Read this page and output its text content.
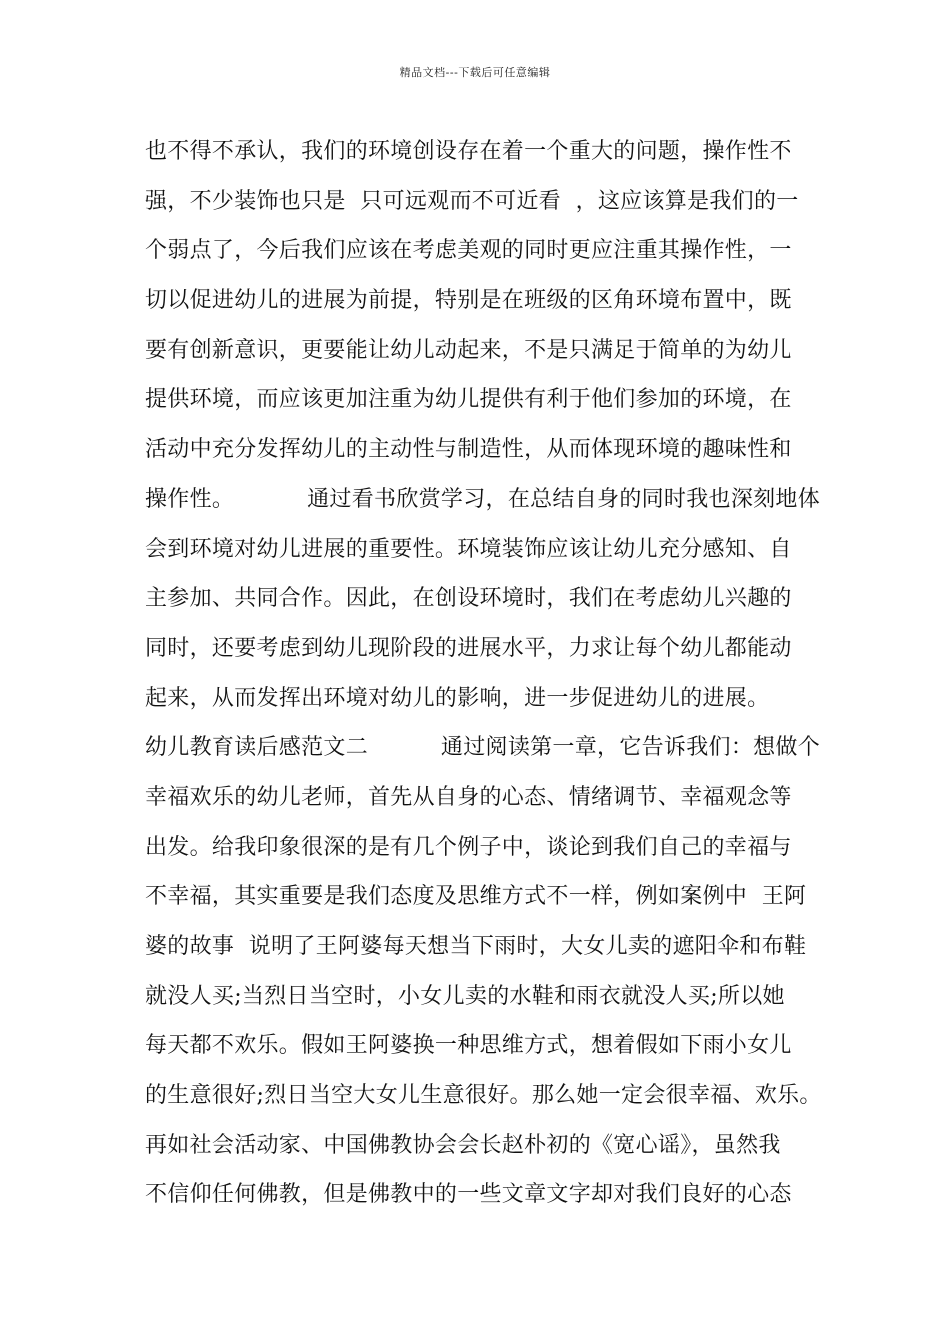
精品文档---下载后可任意编辑
也不得不承认，我们的环境创设存在着一个重大的问题，操作性不
强，不少装饰也只是  只可远观而不可近看  ，这应该算是我们的一
个弱点了，今后我们应该在考虑美观的同时更应注重其操作性，一
切以促进幼儿的进展为前提，特别是在班级的区角环境布置中，既
要有创新意识，更要能让幼儿动起来，不是只满足于简单的为幼儿
提供环境，而应该更加注重为幼儿提供有利于他们参加的环境，在
活动中充分发挥幼儿的主动性与制造性，从而体现环境的趣味性和
操作性。          通过看书欣赏学习，在总结自身的同时我也深刻地体
会到环境对幼儿进展的重要性。环境装饰应该让幼儿充分感知、自
主参加、共同合作。因此，在创设环境时，我们在考虑幼儿兴趣的
同时，还要考虑到幼儿现阶段的进展水平，力求让每个幼儿都能动
起来，从而发挥出环境对幼儿的影响，进一步促进幼儿的进展。
幼儿教育读后感范文二          通过阅读第一章，它告诉我们：想做个
幸福欢乐的幼儿老师，首先从自身的心态、情绪调节、幸福观念等
出发。给我印象很深的是有几个例子中，谈论到我们自己的幸福与
不幸福，其实重要是我们态度及思维方式不一样，例如案例中  王阿
婆的故事  说明了王阿婆每天想当下雨时，大女儿卖的遮阳伞和布鞋
就没人买;当烈日当空时，小女儿卖的水鞋和雨衣就没人买;所以她
每天都不欢乐。假如王阿婆换一种思维方式，想着假如下雨小女儿
的生意很好;烈日当空大女儿生意很好。那么她一定会很幸福、欢乐。
再如社会活动家、中国佛教协会会长赵朴初的《宽心谣》，虽然我
不信仰任何佛教，但是佛教中的一些文章文字却对我们良好的心态
